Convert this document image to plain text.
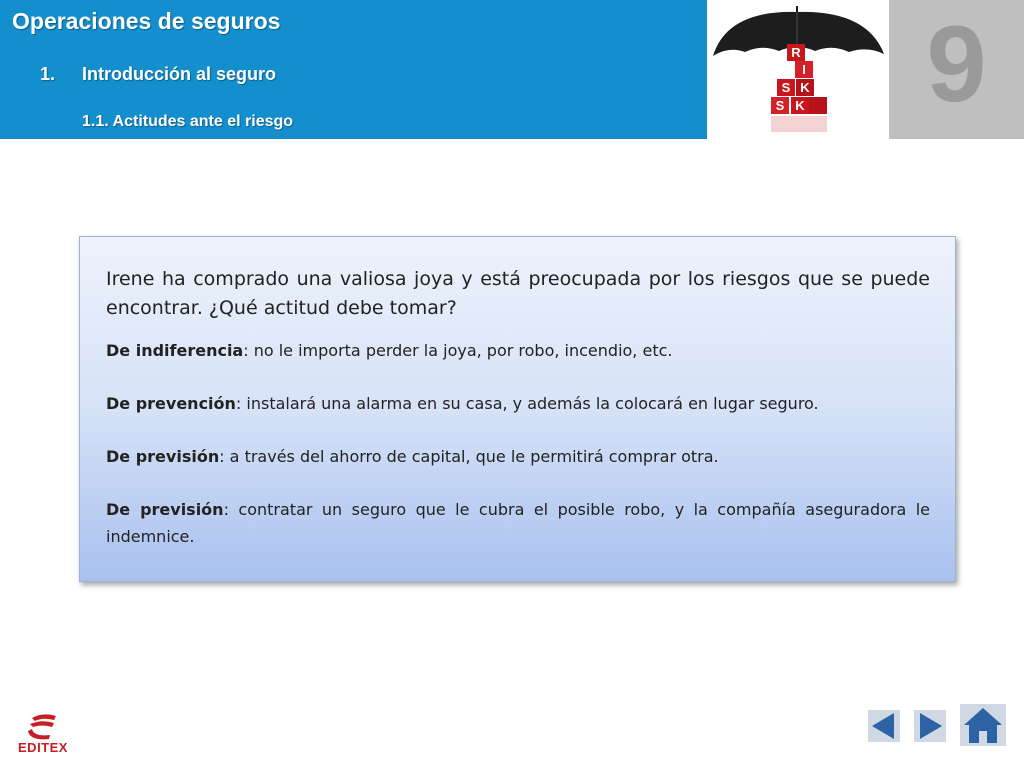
Operaciones de seguros
1. Introducción al seguro
1.1. Actitudes ante el riesgo
R
I
S K
S K	9

Irene ha comprado una valiosa joya y está preocupada por los riesgos que se puede encontrar. ¿Qué actitud debe tomar?

De indiferencia: no le importa perder la joya, por robo, incendio, etc.

De prevención: instalará una alarma en su casa, y además la colocará en lugar seguro.

De previsión: a través del ahorro de capital, que le permitirá comprar otra.

De previsión: contratar un seguro que le cubra el posible robo, y la compañía aseguradora le indemnice.

EDITEX
